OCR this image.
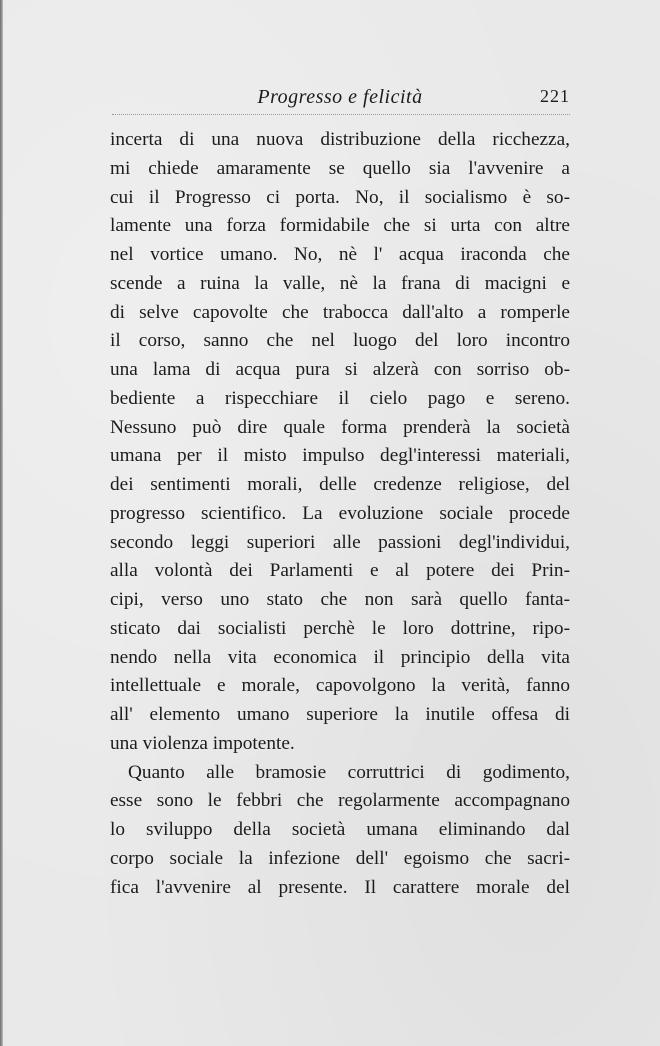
Progresso e felicità	221
incerta di una nuova distribuzione della ricchezza,
mi chiede amaramente se quello sia l'avvenire a
cui il Progresso ci porta. No, il socialismo è so-
lamente una forza formidabile che si urta con altre
nel vortice umano. No, nè l' acqua iraconda che
scende a ruina la valle, nè la frana di macigni e
di selve capovolte che trabocca dall'alto a romperle
il corso, sanno che nel luogo del loro incontro
una lama di acqua pura si alzerà con sorriso ob-
bediente a rispecchiare il cielo pago e sereno.
Nessuno può dire quale forma prenderà la società
umana per il misto impulso degl'interessi materiali,
dei sentimenti morali, delle credenze religiose, del
progresso scientifico. La evoluzione sociale procede
secondo leggi superiori alle passioni degl'individui,
alla volontà dei Parlamenti e al potere dei Prin-
cipi, verso uno stato che non sarà quello fanta-
sticato dai socialisti perchè le loro dottrine, ripo-
nendo nella vita economica il principio della vita
intellettuale e morale, capovolgono la verità, fanno
all' elemento umano superiore la inutile offesa di
una violenza impotente.
Quanto alle bramosie corruttrici di godimento,
esse sono le febbri che regolarmente accompagnano
lo sviluppo della società umana eliminando dal
corpo sociale la infezione dell' egoismo che sacri-
fica l'avvenire al presente. Il carattere morale del
